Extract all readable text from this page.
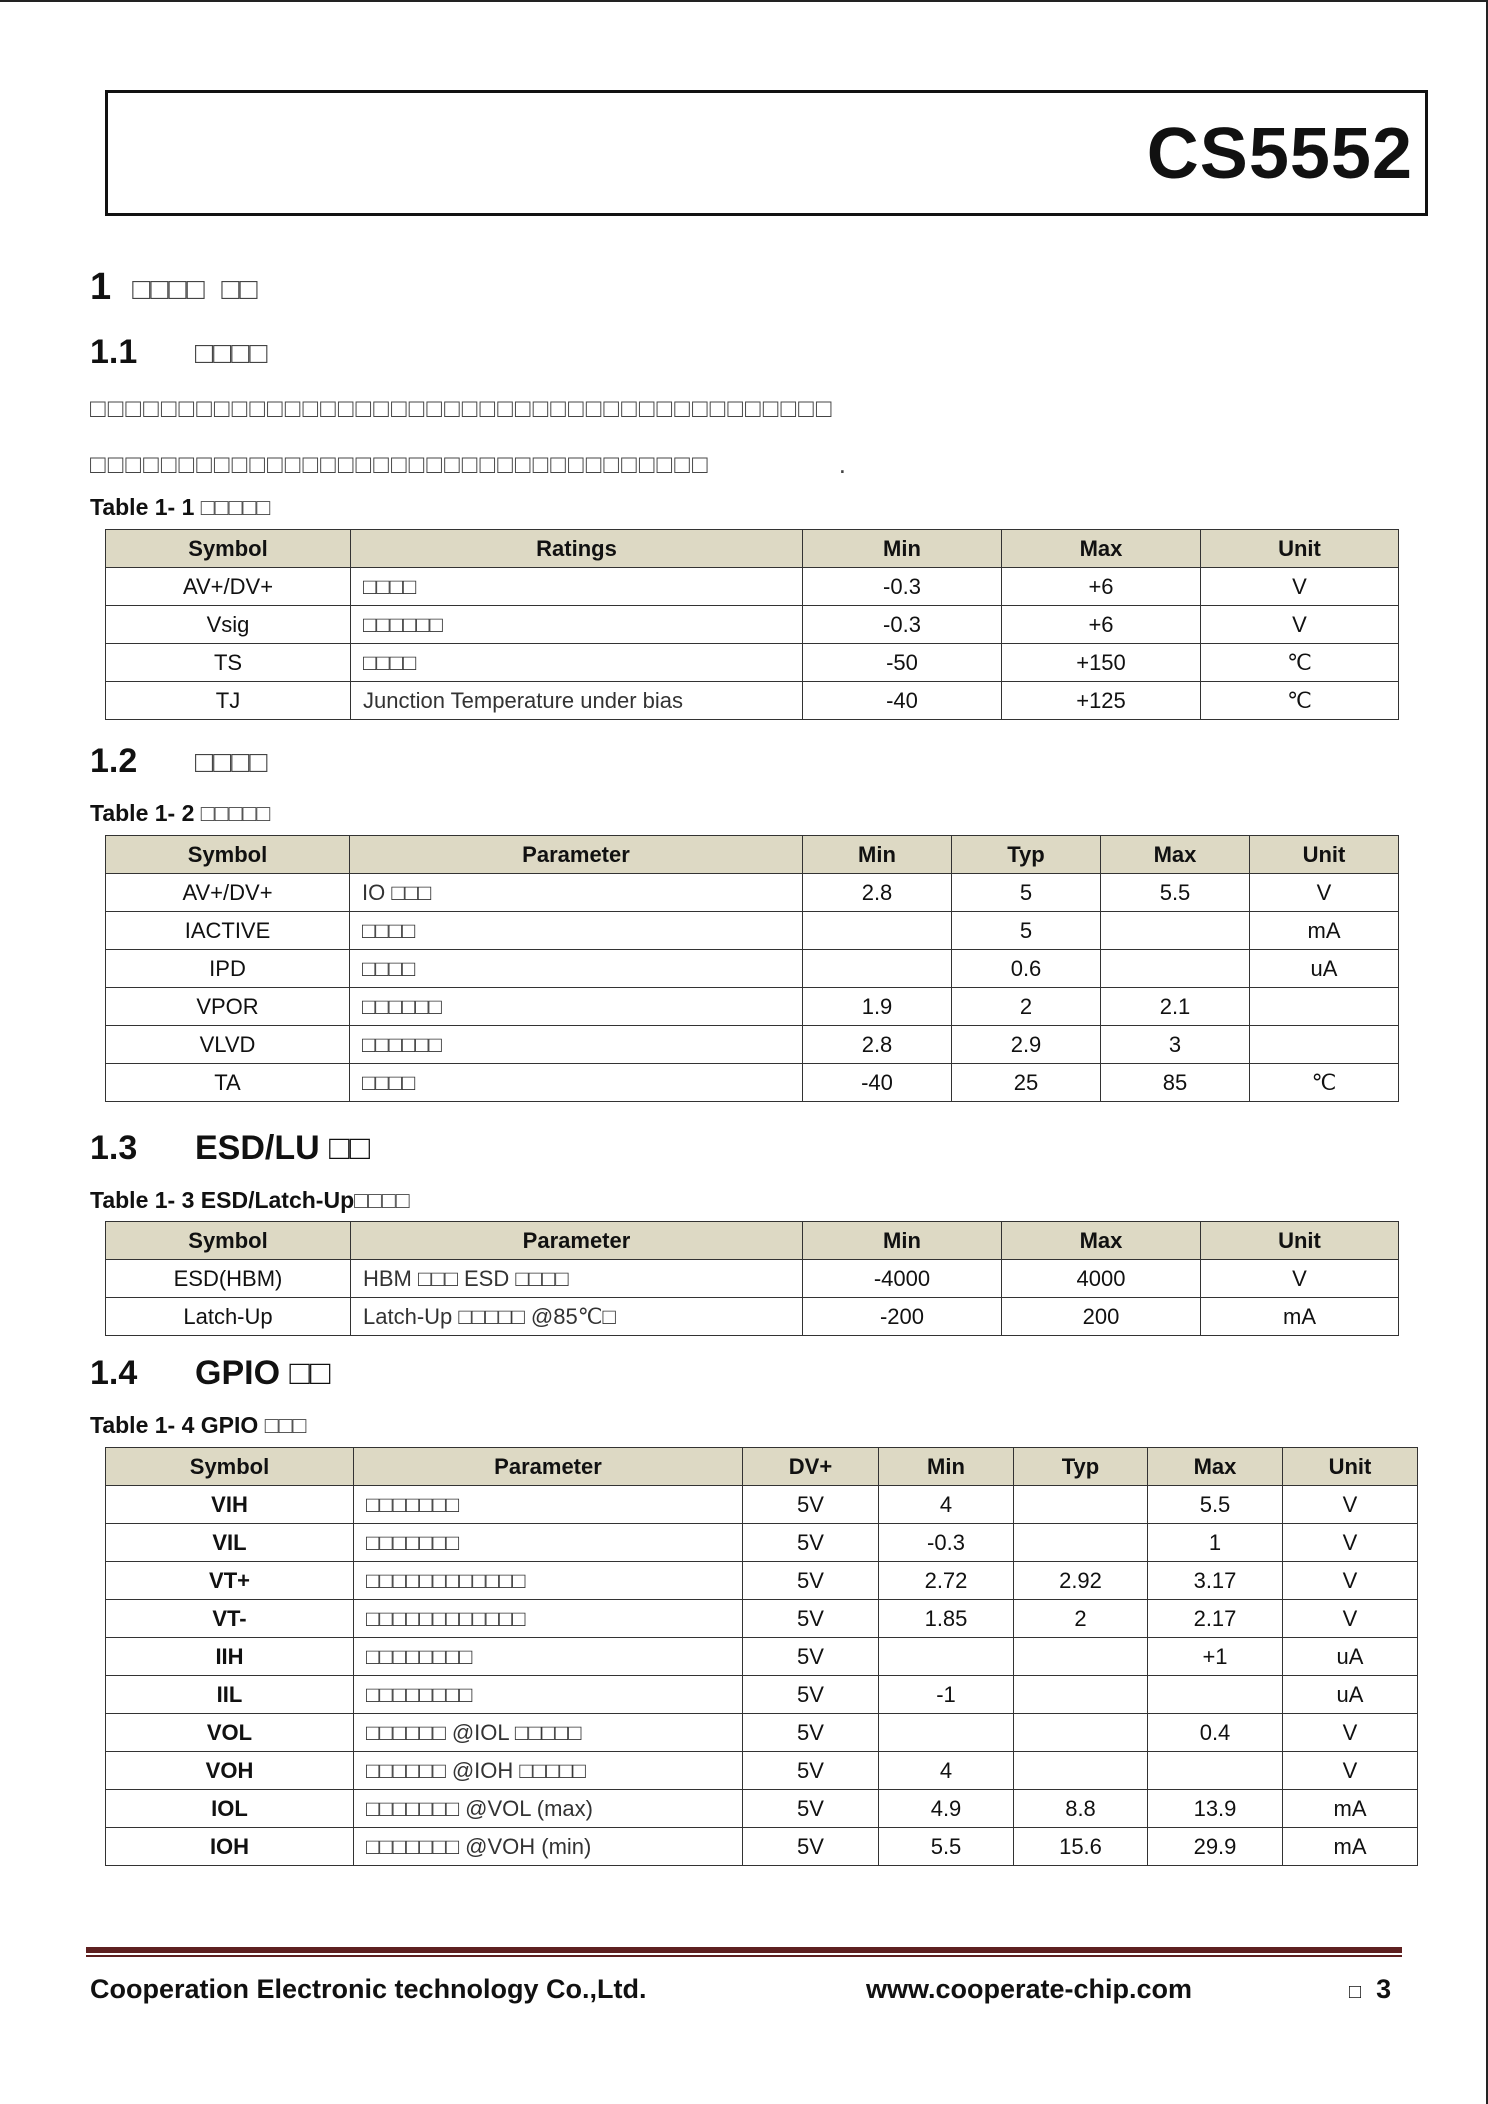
CS5552
1 □□□□  □□
1.1 □□□□
□□□□□□□□□□□□□□□□□□□□□□□□□□□□□□□□□□□□□□□□□□
□□□□□□□□□□□□□□□□□□□□□□□□□□□□□□□□□□□              .
Table 1- 1 □□□□□
Symbol	Ratings	Min	Max	Unit
AV+/DV+	□□□□	-0.3	+6	V
Vsig	□□□□□□	-0.3	+6	V
TS	□□□□	-50	+150	℃
TJ	Junction Temperature under bias	-40	+125	℃
1.2 □□□□
Table 1- 2 □□□□□
Symbol	Parameter	Min	Typ	Max	Unit
AV+/DV+	IO □□□	2.8	5	5.5	V
IACTIVE	□□□□		5		mA
IPD	□□□□		0.6		uA
VPOR	□□□□□□	1.9	2	2.1	
VLVD	□□□□□□	2.8	2.9	3	
TA	□□□□	-40	25	85	℃
1.3 ESD/LU □□
Table 1- 3 ESD/Latch-Up□□□□
Symbol	Parameter	Min	Max	Unit
ESD(HBM)	HBM □□□ ESD □□□□	-4000	4000	V
Latch-Up	Latch-Up □□□□□ @85℃□	-200	200	mA
1.4 GPIO □□
Table 1- 4 GPIO □□□
Symbol	Parameter	DV+	Min	Typ	Max	Unit
VIH	□□□□□□□	5V	4		5.5	V
VIL	□□□□□□□	5V	-0.3		1	V
VT+	□□□□□□□□□□□□	5V	2.72	2.92	3.17	V
VT-	□□□□□□□□□□□□	5V	1.85	2	2.17	V
IIH	□□□□□□□□	5V			+1	uA
IIL	□□□□□□□□	5V	-1			uA
VOL	□□□□□□ @IOL □□□□□	5V			0.4	V
VOH	□□□□□□ @IOH □□□□□	5V	4			V
IOL	□□□□□□□ @VOL (max)	5V	4.9	8.8	13.9	mA
IOH	□□□□□□□ @VOH (min)	5V	5.5	15.6	29.9	mA
Cooperation Electronic technology Co.,Ltd.	www.cooperate-chip.com	□ 3
